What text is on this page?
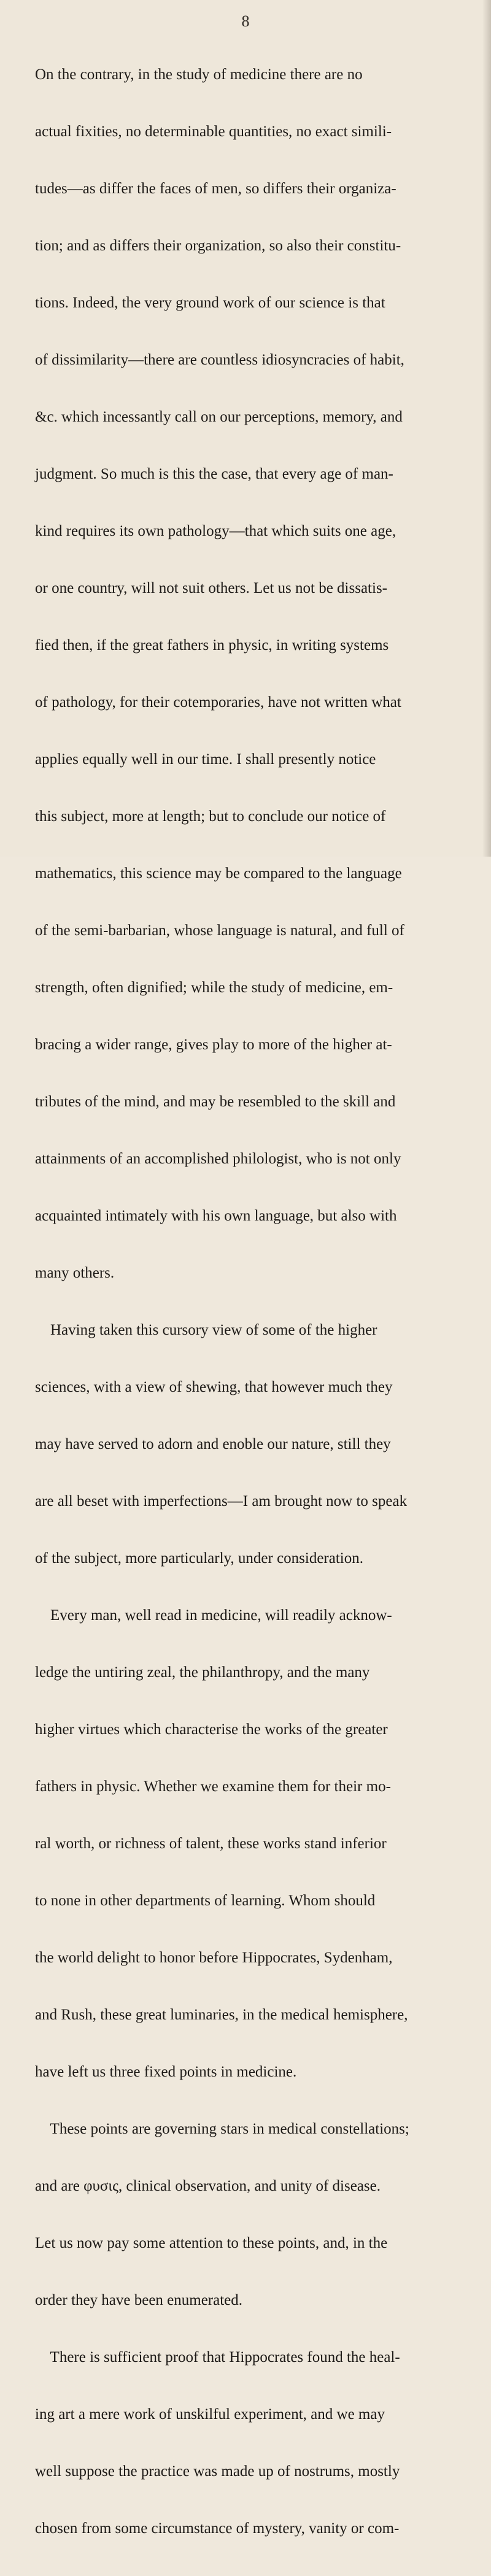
8

On the contrary, in the study of medicine there are no

actual fixities, no determinable quantities, no exact simili-

tudes—as differ the faces of men, so differs their organiza-

tion; and as differs their organization, so also their constitu-

tions. Indeed, the very ground work of our science is that

of dissimilarity—there are countless idiosyncracies of habit,

&c. which incessantly call on our perceptions, memory, and

judgment. So much is this the case, that every age of man-

kind requires its own pathology—that which suits one age,

or one country, will not suit others. Let us not be dissatis-

fied then, if the great fathers in physic, in writing systems

of pathology, for their cotemporaries, have not written what

applies equally well in our time. I shall presently notice

this subject, more at length; but to conclude our notice of

mathematics, this science may be compared to the language

of the semi-barbarian, whose language is natural, and full of

strength, often dignified; while the study of medicine, em-

bracing a wider range, gives play to more of the higher at-

tributes of the mind, and may be resembled to the skill and

attainments of an accomplished philologist, who is not only

acquainted intimately with his own language, but also with

many others.

Having taken this cursory view of some of the higher

sciences, with a view of shewing, that however much they

may have served to adorn and enoble our nature, still they

are all beset with imperfections—I am brought now to speak

of the subject, more particularly, under consideration.

Every man, well read in medicine, will readily acknow-

ledge the untiring zeal, the philanthropy, and the many

higher virtues which characterise the works of the greater

fathers in physic. Whether we examine them for their mo-

ral worth, or richness of talent, these works stand inferior

to none in other departments of learning. Whom should

the world delight to honor before Hippocrates, Sydenham,

and Rush, these great luminaries, in the medical hemisphere,

have left us three fixed points in medicine.

These points are governing stars in medical constellations;

and are φυσις, clinical observation, and unity of disease.

Let us now pay some attention to these points, and, in the

order they have been enumerated.

There is sufficient proof that Hippocrates found the heal-

ing art a mere work of unskilful experiment, and we may

well suppose the practice was made up of nostrums, mostly

chosen from some circumstance of mystery, vanity or com-
